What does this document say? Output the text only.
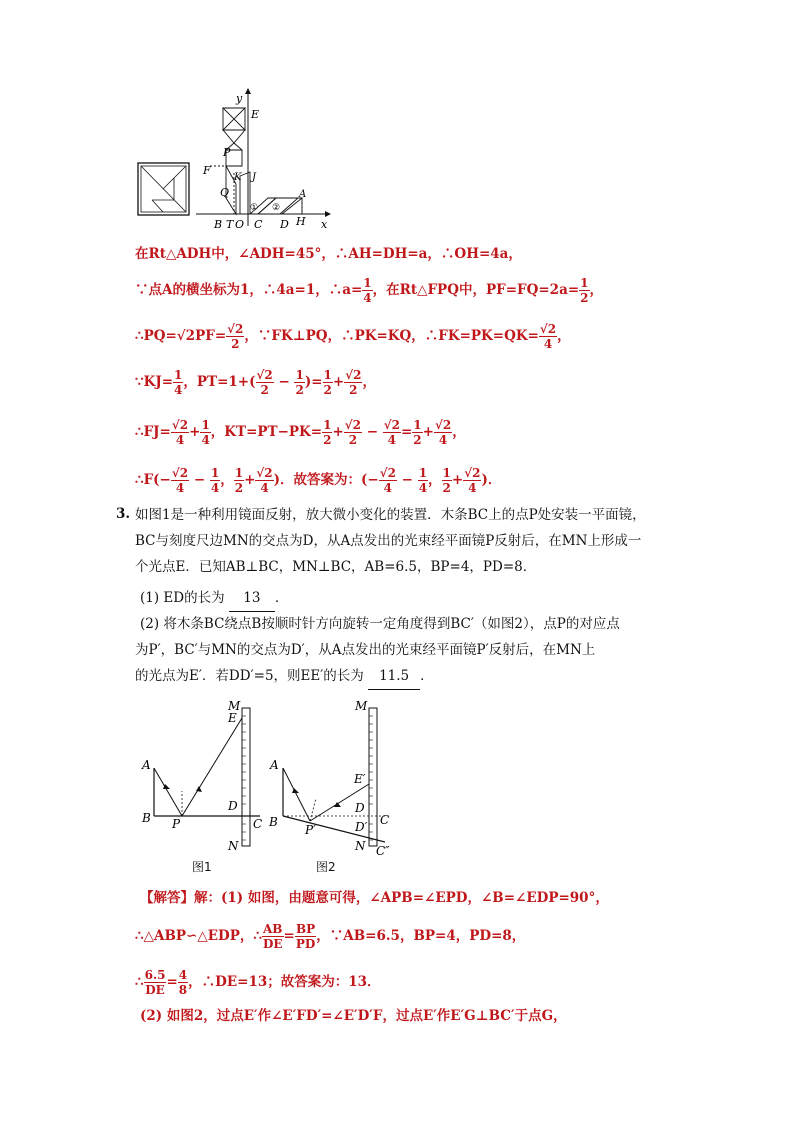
y
x
E
P
F
K J
Q	A
H
B T O C D
① ②
在Rt△ADH中，∠ADH=45°，∴AH=DH=a，∴OH=4a，
∵点A的横坐标为1，∴4a=1，∴a= $\frac{1}{4}$ ，在Rt△FPQ中，$PF=FQ=2a= \frac{1}{2}$ ，
∴PQ=√2PF= $\frac{√2}{2}$ ，∵FK⊥PQ，∴PK=KQ，∴FK=PK=QK= $\frac{√2}{4}$ ，
∵KJ= $\frac{1}{4}$ ，$PT=1+( \frac{√2}{2} - \frac{1}{2}$ )= $\frac{1}{2} + \frac{√2}{2}$ ，
∴FJ= $\frac{√2}{4} + \frac{1}{4}$ ，$KT=PT-PK= \frac{1}{2} + \frac{√2}{2} - \frac{√2}{4} = \frac{1}{2} + \frac{√2}{4}$ ，
∴F(− $\frac{√2}{4} - \frac{1}{4}$ ， $\frac{1}{2} + \frac{√2}{4}$ )．故答案为：(− $\frac{√2}{4} - \frac{1}{4}$ ， $\frac{1}{2} + \frac{√2}{4}$ )．
3. 如图1是一种利用镜面反射，放大微小变化的装置．木条BC上的点P处安装一平面镜，
BC与刻度尺边MN的交点为D，从A点发出的光束经平面镜P反射后，在MN上形成一
个光点E．已知AB⊥BC，MN⊥BC，AB=6.5，BP=4，PD=8．
(1) ED的长为 13 ．
(2) 将木条BC绕点B按顺时针方向旋转一定角度得到BC′（如图2），点P的对应点
为P′，BC′与MN的交点为D′，从A点发出的光束经平面镜P′反射后，在MN上
的光点为E′．若DD′=5，则EE′的长为 11.5 ．
A
B P
D
C
M
E
N
图1
A
B
P′
E′
D
D′ C
M
N C″
图2
【解答】解：(1) 如图，由题意可得，∠APB=∠EPD，∠B=∠EDP=90°，
∴△ABP∽△EDP，∴ $\frac{AB}{DE} = \frac{BP}{PD}$ ，∵AB=6.5，BP=4，PD=8，
∴ $\frac{6.5}{DE} = \frac{4}{8}$ ，∴DE=13；故答案为：13．
(2) 如图2，过点E′作∠E′FD′=∠E′D′F，过点E′作E′G⊥BC′于点G，
